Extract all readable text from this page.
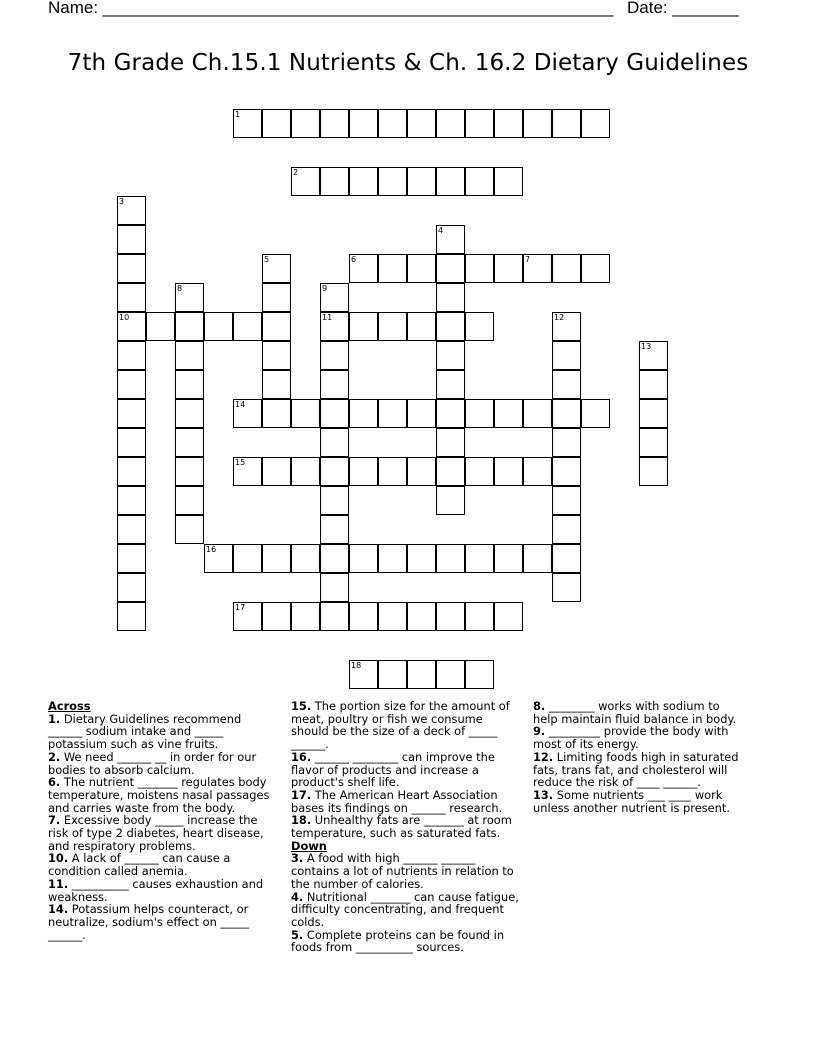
Name: ______________________________________________________ Date: _______
7th Grade Ch.15.1 Nutrients & Ch. 16.2 Dietary Guidelines
1
2
3
10
4
5	6	7
8	9
11	12
13
14
15
16
17
18

Across

1. Dietary Guidelines recommend ______ sodium intake and _____ potassium such as vine fruits.

2. We need ______ __ in order for our bodies to absorb calcium.

6. The nutrient _______ regulates body temperature, moistens nasal passages and carries waste from the body.

7. Excessive body _____ increase the risk of type 2 diabetes, heart disease, and respiratory problems.

10. A lack of ______ can cause a condition called anemia.

11. __________ causes exhaustion and weakness.

14. Potassium helps counteract, or neutralize, sodium's effect on _____ ______.

15. The portion size for the amount of meat, poultry or fish we consume should be the size of a deck of _____ ______.

16. ______ ________ can improve the flavor of products and increase a product's shelf life.

17. The American Heart Association bases its findings on ______ research.

18. Unhealthy fats are _______ at room temperature, such as saturated fats.

Down

3. A food with high ______ ______ contains a lot of nutrients in relation to the number of calories.

4. Nutritional _______ can cause fatigue, difficulty concentrating, and frequent colds.

5. Complete proteins can be found in foods from __________ sources.

8. ________ works with sodium to help maintain fluid balance in body.

9. _________ provide the body with most of its energy.

12. Limiting foods high in saturated fats, trans fat, and cholesterol will reduce the risk of ____ ______.

13. Some nutrients ___ ____ work unless another nutrient is present.
